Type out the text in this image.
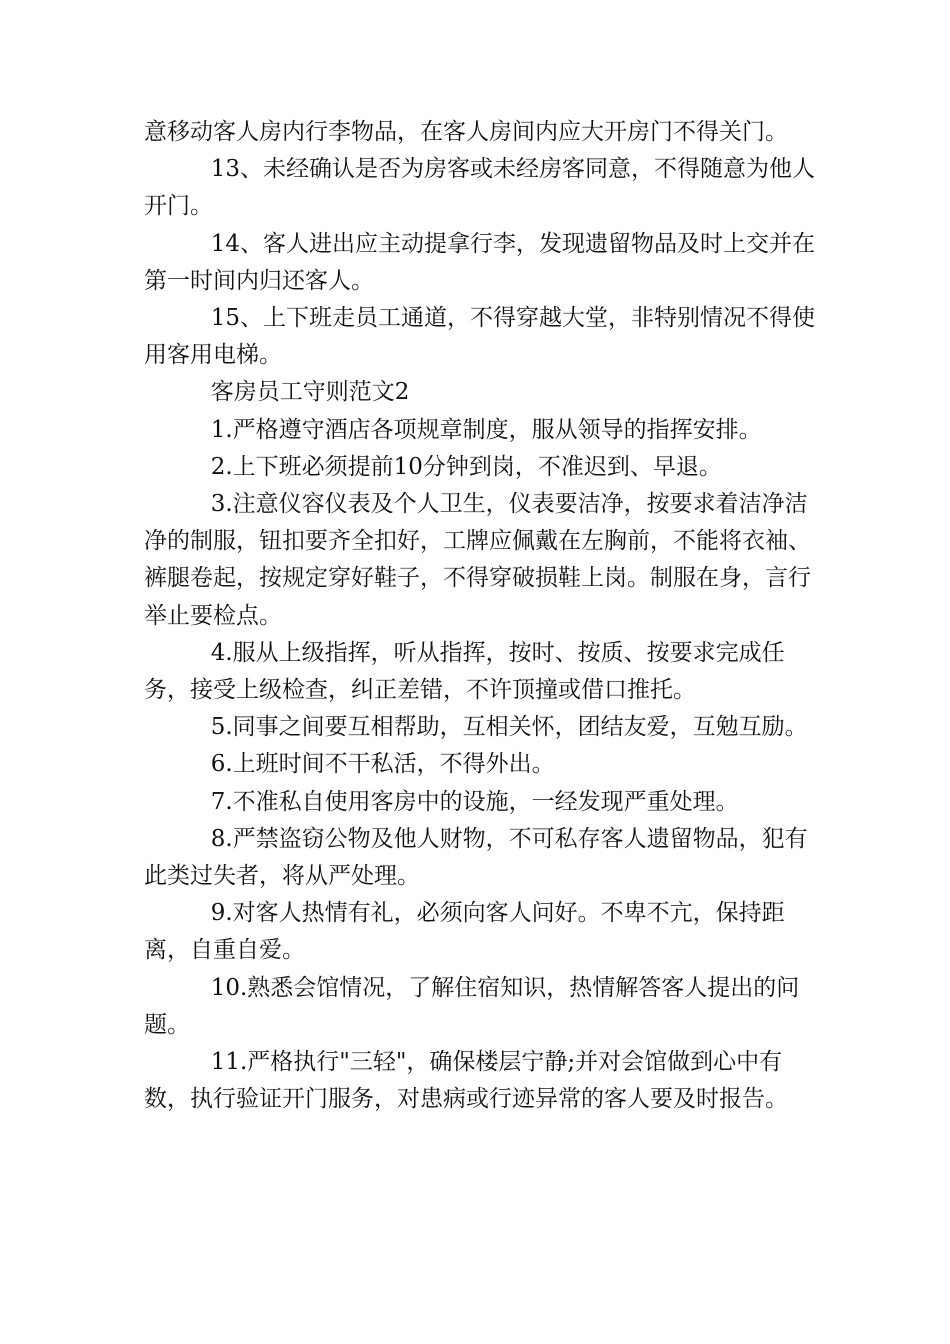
意移动客人房内行李物品，在客人房间内应大开房门不得关门。

13、未经确认是否为房客或未经房客同意，不得随意为他人开门。

14、客人进出应主动提拿行李，发现遗留物品及时上交并在第一时间内归还客人。

15、上下班走员工通道，不得穿越大堂，非特别情况不得使用客用电梯。

客房员工守则范文2

1.严格遵守酒店各项规章制度，服从领导的指挥安排。

2.上下班必须提前10分钟到岗，不准迟到、早退。

3.注意仪容仪表及个人卫生，仪表要洁净，按要求着洁净洁净的制服，钮扣要齐全扣好，工牌应佩戴在左胸前，不能将衣袖、裤腿卷起，按规定穿好鞋子，不得穿破损鞋上岗。制服在身，言行举止要检点。

4.服从上级指挥，听从指挥，按时、按质、按要求完成任务，接受上级检查，纠正差错，不许顶撞或借口推托。

5.同事之间要互相帮助，互相关怀，团结友爱，互勉互励。

6.上班时间不干私活，不得外出。

7.不准私自使用客房中的设施，一经发现严重处理。

8.严禁盗窃公物及他人财物，不可私存客人遗留物品，犯有此类过失者，将从严处理。

9.对客人热情有礼，必须向客人问好。不卑不亢，保持距离，自重自爱。

10.熟悉会馆情况，了解住宿知识，热情解答客人提出的问题。

11.严格执行"三轻"，确保楼层宁静;并对会馆做到心中有数，执行验证开门服务，对患病或行迹异常的客人要及时报告。
